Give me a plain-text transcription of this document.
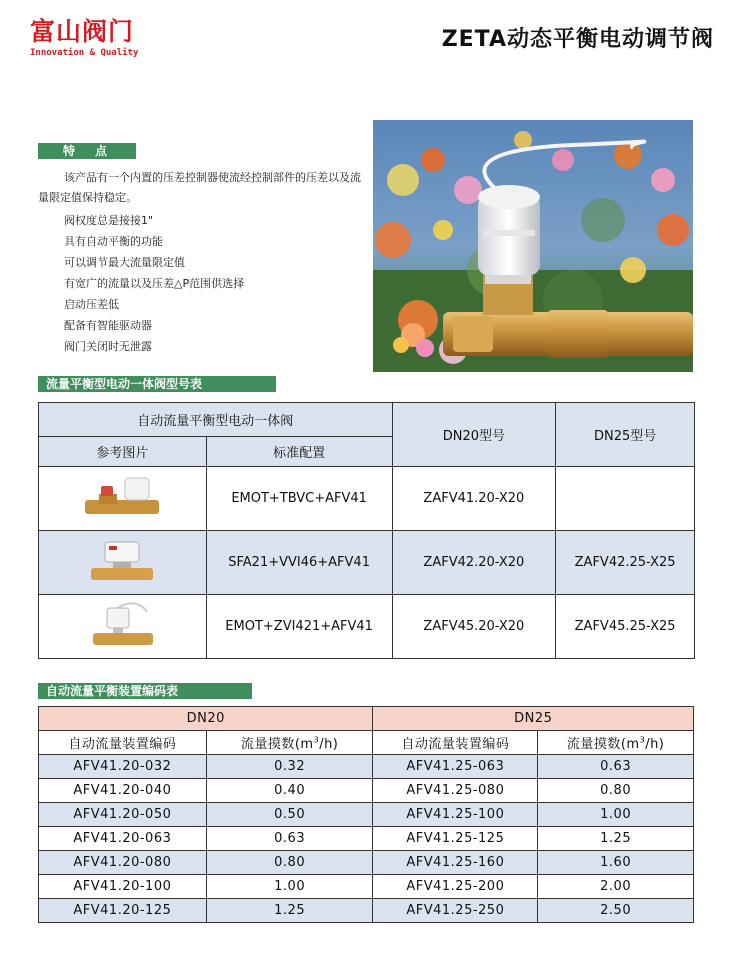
富山阀门
Innovation & Quality
ZETA动态平衡电动调节阀
特　点

该产品有一个内置的压差控制器使流经控制部件的压差以及流量限定值保持稳定。

阀权度总是接接1"
具有自动平衡的功能
可以调节最大流量限定值
有宽广的流量以及压差△P范围供选择
启动压差低
配备有智能驱动器
阀门关闭时无泄露
流量平衡型电动一体阀型号表
自动流量平衡型电动一体阀		DN20型号	DN25型号
参考图片	标准配置		
	EMOT+TBVC+AFV41	ZAFV41.20-X20	
	SFA21+VVI46+AFV41	ZAFV42.20-X20	ZAFV42.25-X25
	EMOT+ZVI421+AFV41	ZAFV45.20-X20	ZAFV45.25-X25
自动流量平衡装置编码表
DN20		DN25	
自动流量装置编码	流量摸数$(m^3/h)$	自动流量装置编码	流量摸数$(m^3/h)$
AFV41.20-032	0.32	AFV41.25-063	0.63
AFV41.20-040	0.40	AFV41.25-080	0.80
AFV41.20-050	0.50	AFV41.25-100	1.00
AFV41.20-063	0.63	AFV41.25-125	1.25
AFV41.20-080	0.80	AFV41.25-160	1.60
AFV41.20-100	1.00	AFV41.25-200	2.00
AFV41.20-125	1.25	AFV41.25-250	2.50
